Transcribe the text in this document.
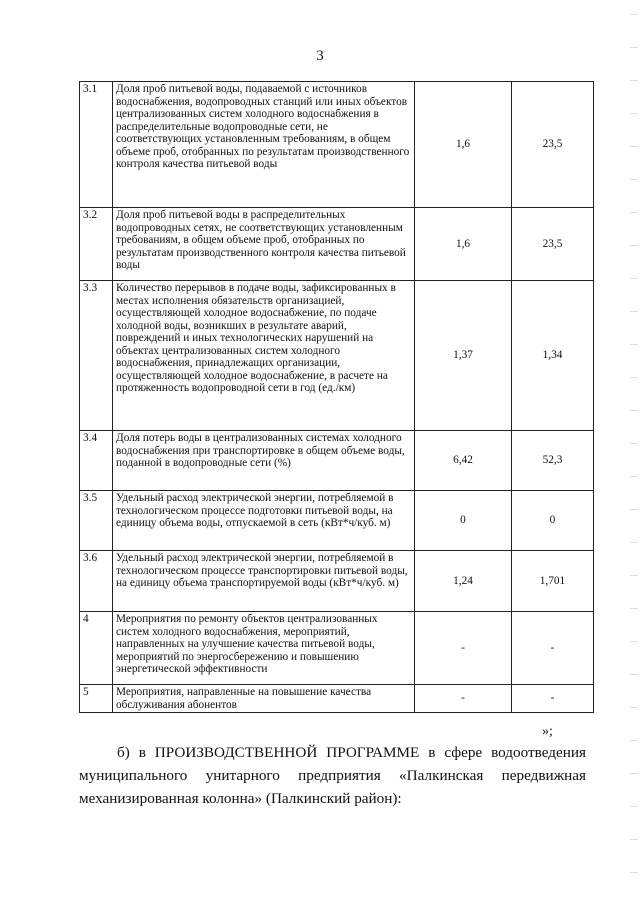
3
3.1	Доля проб питьевой воды, подаваемой с источников водоснабжения, водопроводных станций или иных объектов централизованных систем холодного водоснабжения в распределительные водопроводные сети, не соответствующих установленным требованиям, в общем объеме проб, отобранных по результатам производственного контроля качества питьевой воды	1,6	23,5
3.2	Доля проб питьевой воды в распределительных водопроводных сетях, не соответствующих установленным требованиям, в общем объеме проб, отобранных по результатам производственного контроля качества питьевой воды	1,6	23,5
3.3	Количество перерывов в подаче воды, зафиксированных в местах исполнения обязательств организацией, осуществляющей холодное водоснабжение, по подаче холодной воды, возникших в результате аварий, повреждений и иных технологических нарушений на объектах централизованных систем холодного водоснабжения, принадлежащих организации, осуществляющей холодное водоснабжение, в расчете на протяженность водопроводной сети в год (ед./км)	1,37	1,34
3.4	Доля потерь воды в централизованных системах холодного водоснабжения при транспортировке в общем объеме воды, поданной в водопроводные сети (%)	6,42	52,3
3.5	Удельный расход электрической энергии, потребляемой в технологическом процессе подготовки питьевой воды, на единицу объема воды, отпускаемой в сеть (кВт*ч/куб. м)	0	0
3.6	Удельный расход электрической энергии, потребляемой в технологическом процессе транспортировки питьевой воды, на единицу объема транспортируемой воды (кВт*ч/куб. м)	1,24	1,701
4	Мероприятия по ремонту объектов централизованных систем холодного водоснабжения, мероприятий, направленных на улучшение качества питьевой воды, мероприятий по энергосбережению и повышению энергетической эффективности	-	-
5	Мероприятия, направленные на повышение качества обслуживания абонентов	-	-
»;
б) в ПРОИЗВОДСТВЕННОЙ ПРОГРАММЕ в сфере водоотведения
муниципального унитарного предприятия «Палкинская передвижная
механизированная колонна» (Палкинский район):
